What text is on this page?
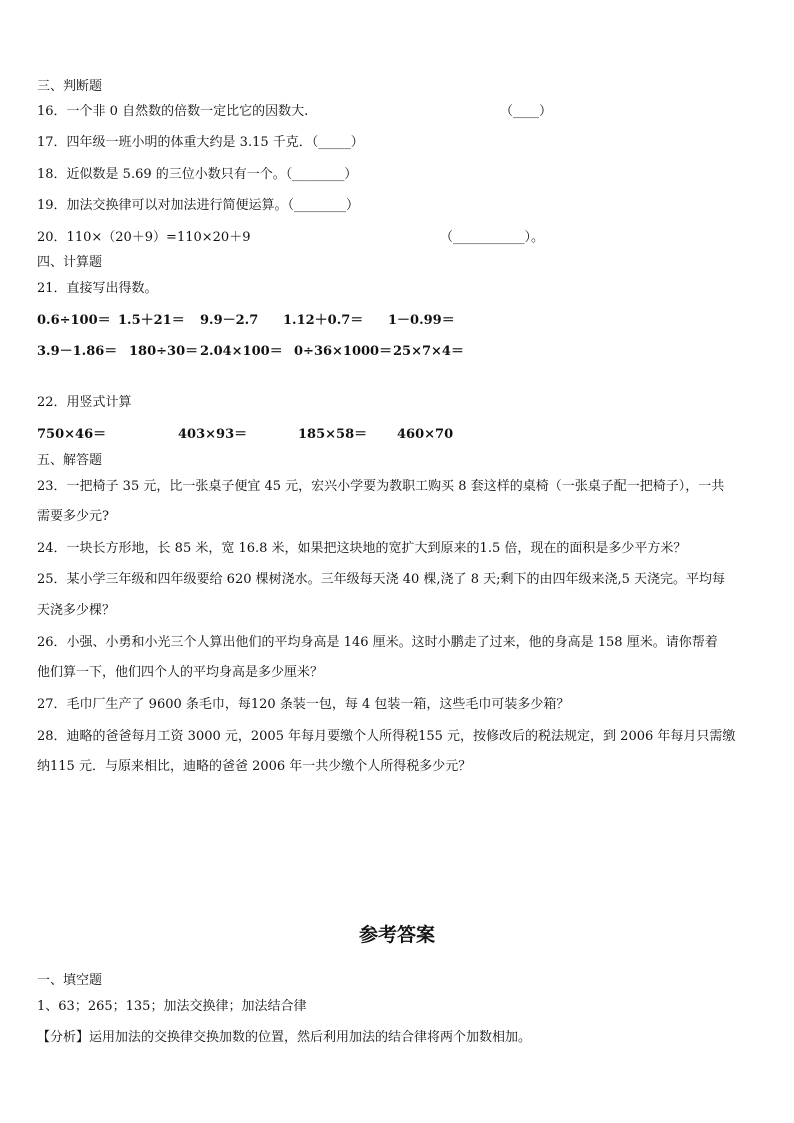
三、判断题
16．一个非 0 自然数的倍数一定比它的因数大.	（____）
17．四年级一班小明的体重大约是 3.15 千克．（_____）
18．近似数是 5.69 的三位小数只有一个。（________）
19．加法交换律可以对加法进行简便运算。（________）
20．110×（20＋9）=110×20＋9	（___________）。
四、计算题
21．直接写出得数。
0.6÷100＝ 1.5＋21＝ 9.9－2.7 1.12＋0.7＝ 1－0.99＝
3.9－1.86＝ 180÷30＝ 2.04×100＝ 0÷36×1000＝ 25×7×4＝
22．用竖式计算
750×46＝	403×93＝	185×58＝ 460×70
五、解答题
23．一把椅子 35 元，比一张桌子便宜 45 元，宏兴小学要为教职工购买 8 套这样的桌椅（一张桌子配一把椅子），一共
需要多少元?
24．一块长方形地，长 85 米，宽 16.8 米，如果把这块地的宽扩大到原来的1.5 倍，现在的面积是多少平方米？
25．某小学三年级和四年级要给 620 棵树浇水。三年级每天浇 40 棵,浇了 8 天;剩下的由四年级来浇,5 天浇完。平均每
天浇多少棵？
26．小强、小勇和小光三个人算出他们的平均身高是 146 厘米。这时小鹏走了过来，他的身高是 158 厘米。请你帮着
他们算一下，他们四个人的平均身高是多少厘米？
27．毛巾厂生产了 9600 条毛巾，每120 条装一包，每 4 包装一箱，这些毛巾可装多少箱？
28．迪略的爸爸每月工资 3000 元，2005 年每月要缴个人所得税155 元，按修改后的税法规定，到 2006 年每月只需缴
纳115 元．与原来相比，迪略的爸爸 2006 年一共少缴个人所得税多少元？
参考答案
一、填空题
1、63；265；135；加法交换律；加法结合律
【分析】运用加法的交换律交换加数的位置，然后利用加法的结合律将两个加数相加。
